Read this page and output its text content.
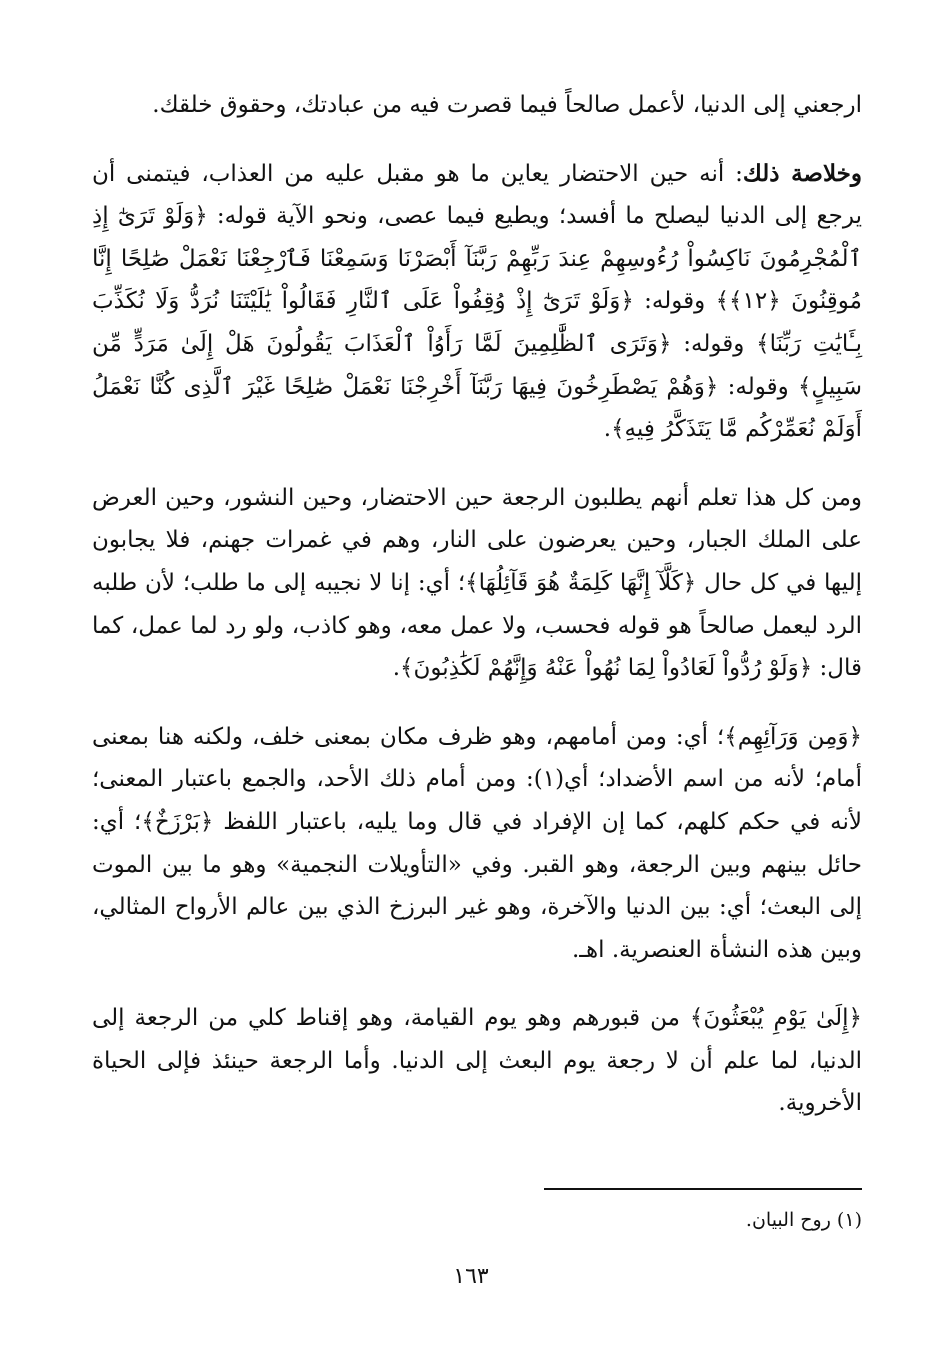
ارجعني إلى الدنيا، لأعمل صالحاً فيما قصرت فيه من عبادتك، وحقوق خلقك.

وخلاصة ذلك: أنه حين الاحتضار يعاين ما هو مقبل عليه من العذاب، فيتمنى أن يرجع إلى الدنيا ليصلح ما أفسد؛ ويطيع فيما عصى، ونحو الآية قوله: ﴿وَلَوْ تَرَىٰٓ إِذِ ٱلْمُجْرِمُونَ نَاكِسُواْ رُءُوسِهِمْ عِندَ رَبِّهِمْ رَبَّنَآ أَبْصَرْنَا وَسَمِعْنَا فَٱرْجِعْنَا نَعْمَلْ صَٰلِحًا إِنَّا مُوقِنُونَ ﴿١٢﴾﴾ وقوله: ﴿وَلَوْ تَرَىٰٓ إِذْ وُقِفُواْ عَلَى ٱلنَّارِ فَقَالُواْ يَٰلَيْتَنَا نُرَدُّ وَلَا نُكَذِّبَ بِـَٔايَٰتِ رَبِّنَا﴾ وقوله: ﴿وَتَرَى ٱلظَّٰلِمِينَ لَمَّا رَأَوُاْ ٱلْعَذَابَ يَقُولُونَ هَلْ إِلَىٰ مَرَدٍّ مِّن سَبِيلٍ﴾ وقوله: ﴿وَهُمْ يَصْطَرِخُونَ فِيهَا رَبَّنَآ أَخْرِجْنَا نَعْمَلْ صَٰلِحًا غَيْرَ ٱلَّذِى كُنَّا نَعْمَلُ أَوَلَمْ نُعَمِّرْكُم مَّا يَتَذَكَّرُ فِيهِ﴾.

ومن كل هذا تعلم أنهم يطلبون الرجعة حين الاحتضار، وحين النشور، وحين العرض على الملك الجبار، وحين يعرضون على النار، وهم في غمرات جهنم، فلا يجابون إليها في كل حال ﴿كَلَّآ إِنَّهَا كَلِمَةٌ هُوَ قَآئِلُهَا﴾؛ أي: إنا لا نجيبه إلى ما طلب؛ لأن طلبه الرد ليعمل صالحاً هو قوله فحسب، ولا عمل معه، وهو كاذب، ولو رد لما عمل، كما قال: ﴿وَلَوْ رُدُّواْ لَعَادُواْ لِمَا نُهُواْ عَنْهُ وَإِنَّهُمْ لَكَٰذِبُونَ﴾.

﴿وَمِن وَرَآئِهِم﴾؛ أي: ومن أمامهم، وهو ظرف مكان بمعنى خلف، ولكنه هنا بمعنى أمام؛ لأنه من اسم الأضداد؛ أي(١): ومن أمام ذلك الأحد، والجمع باعتبار المعنى؛ لأنه في حكم كلهم، كما إن الإفراد في قال وما يليه، باعتبار اللفظ ﴿بَرْزَخٌ﴾؛ أي: حائل بينهم وبين الرجعة، وهو القبر. وفي «التأويلات النجمية» وهو ما بين الموت إلى البعث؛ أي: بين الدنيا والآخرة، وهو غير البرزخ الذي بين عالم الأرواح المثالي، وبين هذه النشأة العنصرية. اهـ.

﴿إِلَىٰ يَوْمِ يُبْعَثُونَ﴾ من قبورهم وهو يوم القيامة، وهو إقناط كلي من الرجعة إلى الدنيا، لما علم أن لا رجعة يوم البعث إلى الدنيا. وأما الرجعة حينئذ فإلى الحياة الأخروية.

(١) روح البيان.
١٦٣
